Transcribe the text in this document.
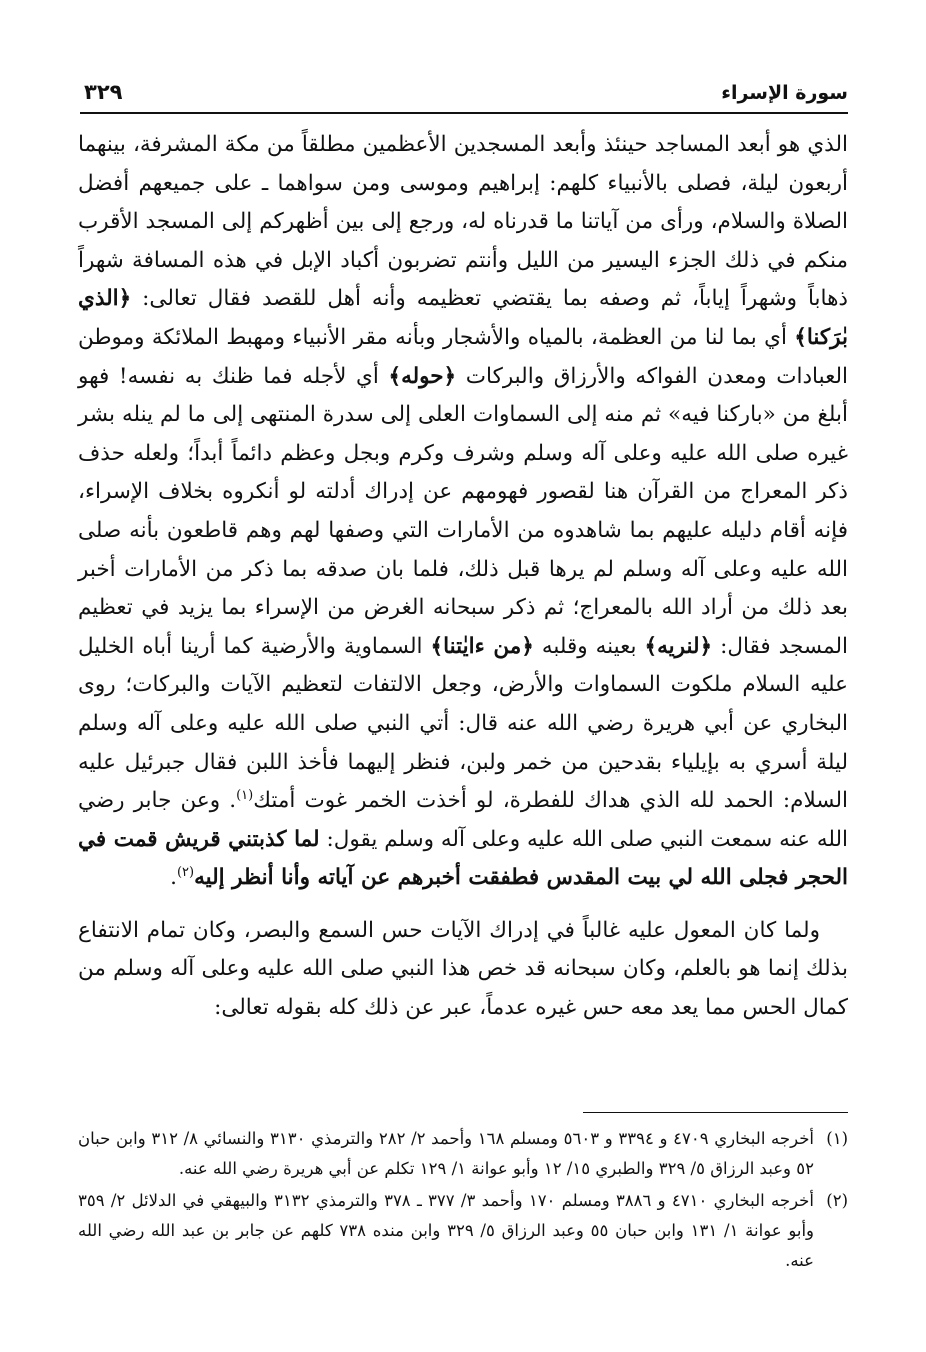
سورة الإسراء
٣٢٩

الذي هو أبعد المساجد حينئذ وأبعد المسجدين الأعظمين مطلقاً من مكة المشرفة، بينهما أربعون ليلة، فصلى بالأنبياء كلهم: إبراهيم وموسى ومن سواهما ـ على جميعهم أفضل الصلاة والسلام، ورأى من آياتنا ما قدرناه له، ورجع إلى بين أظهركم إلى المسجد الأقرب منكم في ذلك الجزء اليسير من الليل وأنتم تضربون أكباد الإبل في هذه المسافة شهراً ذهاباً وشهراً إياباً، ثم وصفه بما يقتضي تعظيمه وأنه أهل للقصد فقال تعالى: ﴿الذي بٰرَكنا﴾ أي بما لنا من العظمة، بالمياه والأشجار وبأنه مقر الأنبياء ومهبط الملائكة وموطن العبادات ومعدن الفواكه والأرزاق والبركات ﴿حوله﴾ أي لأجله فما ظنك به نفسه! فهو أبلغ من «باركنا فيه» ثم منه إلى السماوات العلى إلى سدرة المنتهى إلى ما لم ينله بشر غيره صلى الله عليه وعلى آله وسلم وشرف وكرم وبجل وعظم دائماً أبداً؛ ولعله حذف ذكر المعراج من القرآن هنا لقصور فهومهم عن إدراك أدلته لو أنكروه بخلاف الإسراء، فإنه أقام دليله عليهم بما شاهدوه من الأمارات التي وصفها لهم وهم قاطعون بأنه صلى الله عليه وعلى آله وسلم لم يرها قبل ذلك، فلما بان صدقه بما ذكر من الأمارات أخبر بعد ذلك من أراد الله بالمعراج؛ ثم ذكر سبحانه الغرض من الإسراء بما يزيد في تعظيم المسجد فقال: ﴿لنريه﴾ بعينه وقلبه ﴿من ءايٰتنا﴾ السماوية والأرضية كما أرينا أباه الخليل عليه السلام ملكوت السماوات والأرض، وجعل الالتفات لتعظيم الآيات والبركات؛ روى البخاري عن أبي هريرة رضي الله عنه قال: أتي النبي صلى الله عليه وعلى آله وسلم ليلة أسري به بإيلياء بقدحين من خمر ولبن، فنظر إليهما فأخذ اللبن فقال جبرئيل عليه السلام: الحمد لله الذي هداك للفطرة، لو أخذت الخمر غوت أمتك$^{(١)}$. وعن جابر رضي الله عنه سمعت النبي صلى الله عليه وعلى آله وسلم يقول: لما كذبتني قريش قمت في الحجر فجلى الله لي بيت المقدس فطفقت أخبرهم عن آياته وأنا أنظر إليه$^{(٢)}$.

ولما كان المعول عليه غالباً في إدراك الآيات حس السمع والبصر، وكان تمام الانتفاع بذلك إنما هو بالعلم، وكان سبحانه قد خص هذا النبي صلى الله عليه وعلى آله وسلم من كمال الحس مما يعد معه حس غيره عدماً، عبر عن ذلك كله بقوله تعالى:

(١)
أخرجه البخاري ٤٧٠٩ و ٣٣٩٤ و ٥٦٠٣ ومسلم ١٦٨ وأحمد ٢/ ٢٨٢ والترمذي ٣١٣٠ والنسائي ٨/ ٣١٢ وابن حبان ٥٢ وعبد الرزاق ٥/ ٣٢٩ والطبري ١٥/ ١٢ وأبو عوانة ١/ ١٢٩ تكلم عن أبي هريرة رضي الله عنه.
(٢)
أخرجه البخاري ٤٧١٠ و ٣٨٨٦ ومسلم ١٧٠ وأحمد ٣/ ٣٧٧ ـ ٣٧٨ والترمذي ٣١٣٢ والبيهقي في الدلائل ٢/ ٣٥٩ وأبو عوانة ١/ ١٣١ وابن حبان ٥٥ وعبد الرزاق ٥/ ٣٢٩ وابن منده ٧٣٨ كلهم عن جابر بن عبد الله رضي الله عنه.
